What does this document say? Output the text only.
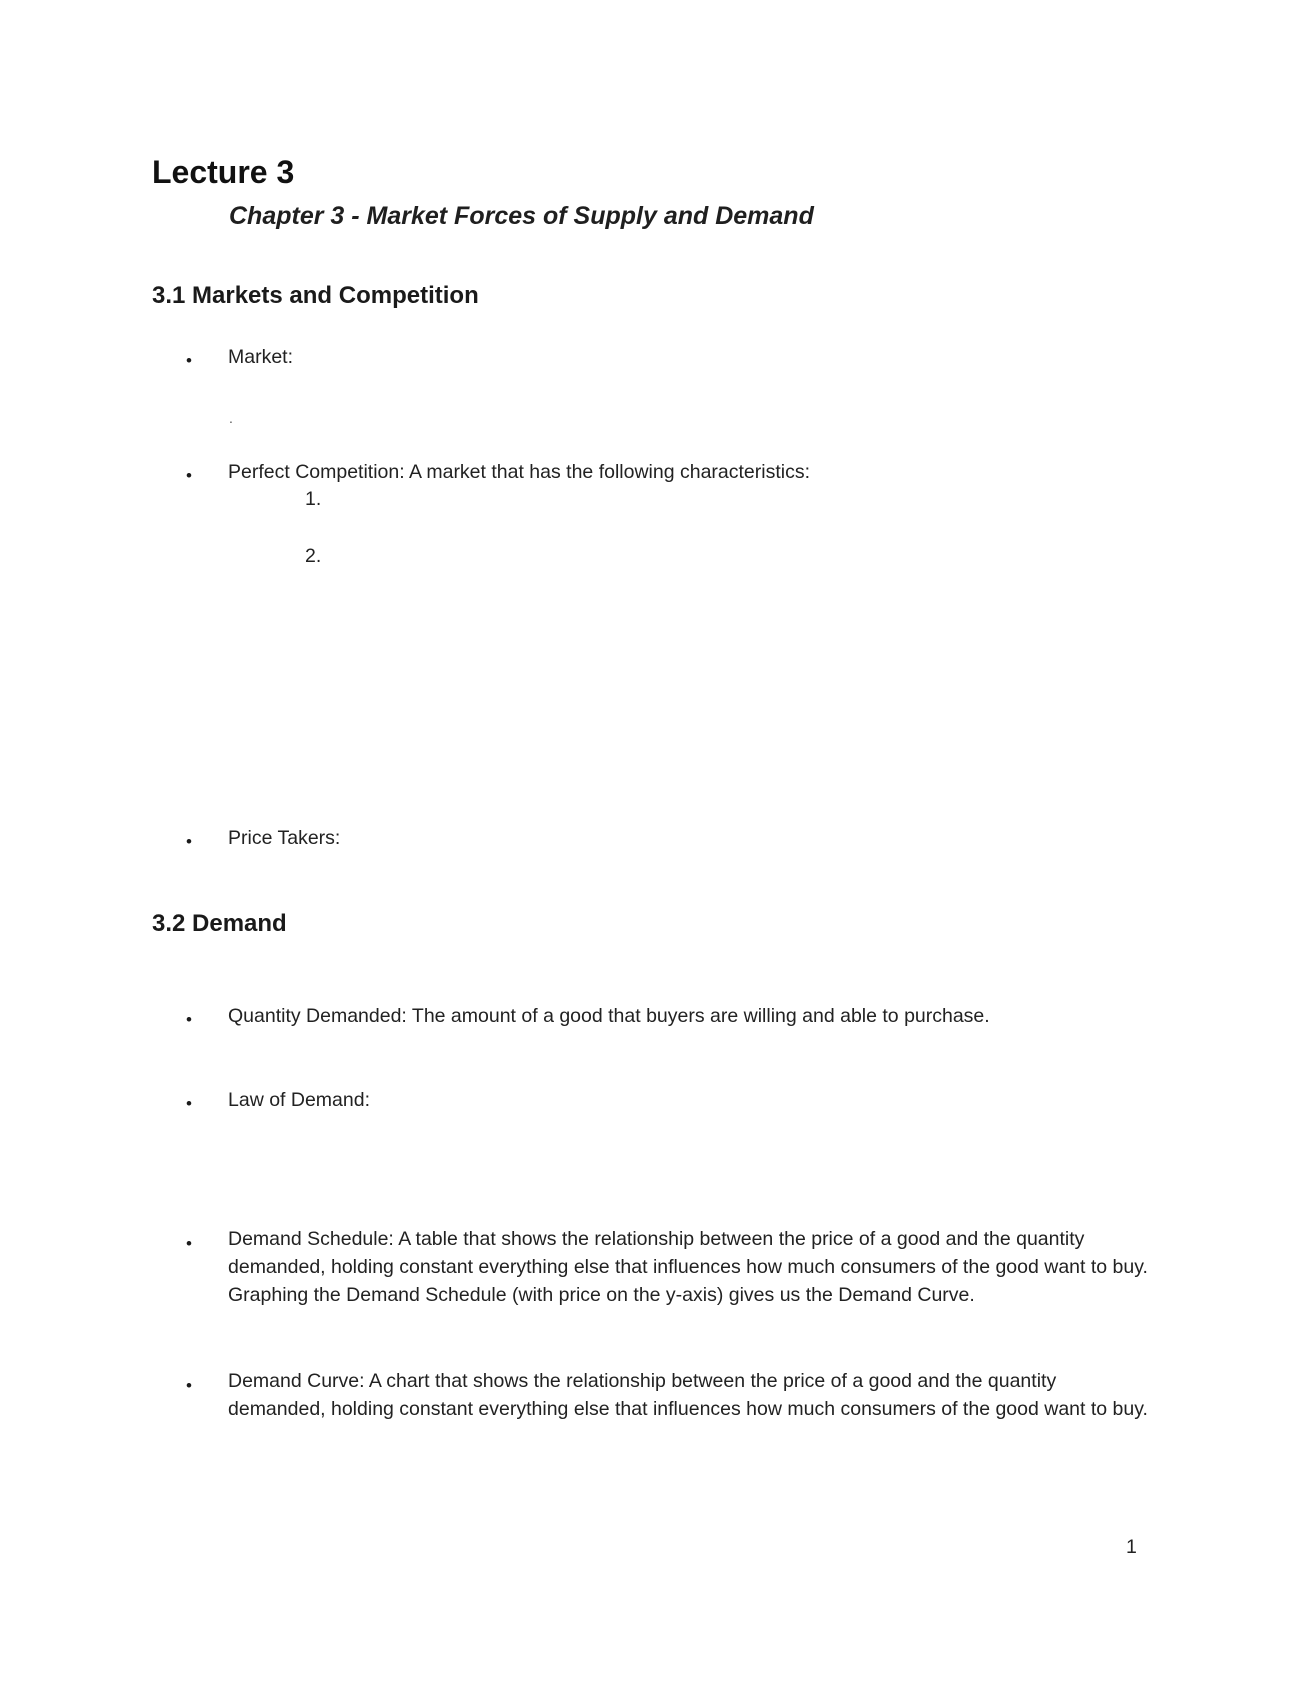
Lecture 3
Chapter 3 - Market Forces of Supply and Demand
3.1 Markets and Competition
• Market:
.
• Perfect Competition: A market that has the following characteristics:
1.
2.
• Price Takers:
3.2 Demand
• Quantity Demanded: The amount of a good that buyers are willing and able to purchase.
• Law of Demand:
• Demand Schedule: A table that shows the relationship between the price of a good and the quantity demanded, holding constant everything else that influences how much consumers of the good want to buy. Graphing the Demand Schedule (with price on the y-axis) gives us the Demand Curve.
• Demand Curve: A chart that shows the relationship between the price of a good and the quantity demanded, holding constant everything else that influences how much consumers of the good want to buy.
1
